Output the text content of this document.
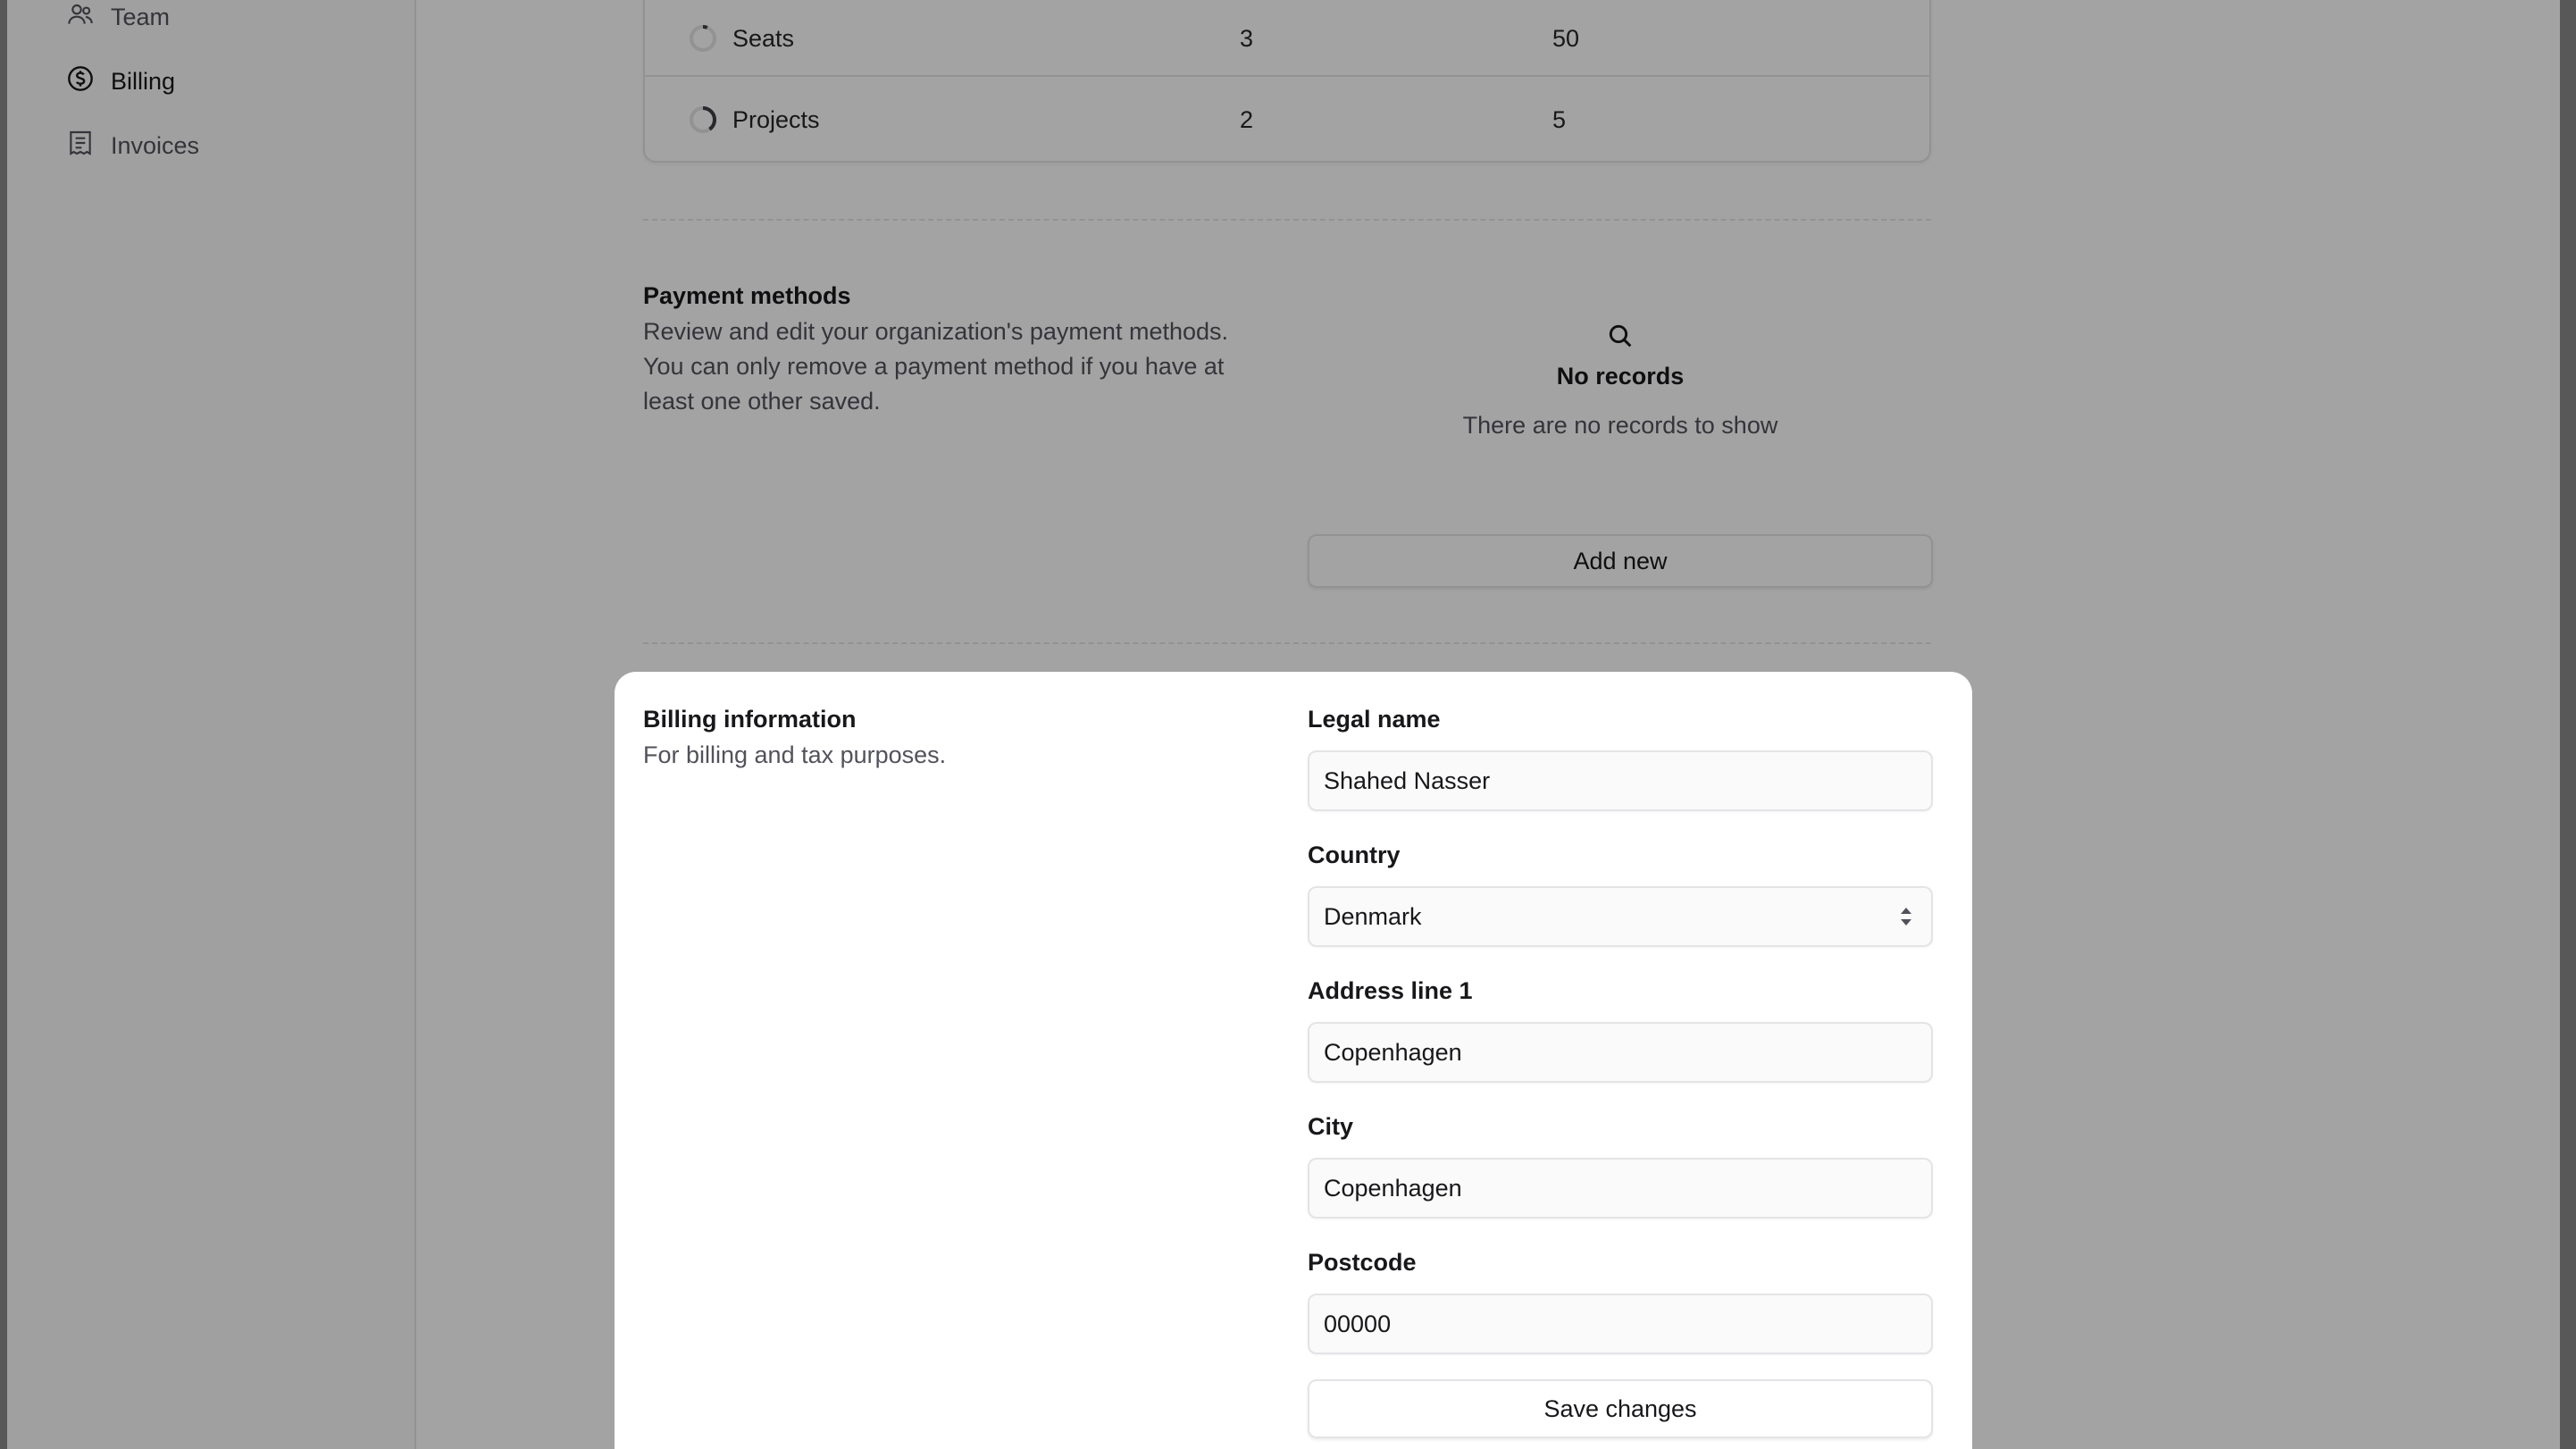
Team
Billing
Invoices
Seats	3	50
Projects	2	5
Payment methods
Review and edit your organization's payment methods.
You can only remove a payment method if you have at
least one other saved.
No records
There are no records to show
Add new
Billing information
For billing and tax purposes.
Legal name
Shahed Nasser
Country
Denmark
Address line 1
Copenhagen
City
Copenhagen
Postcode
00000
Save changes
